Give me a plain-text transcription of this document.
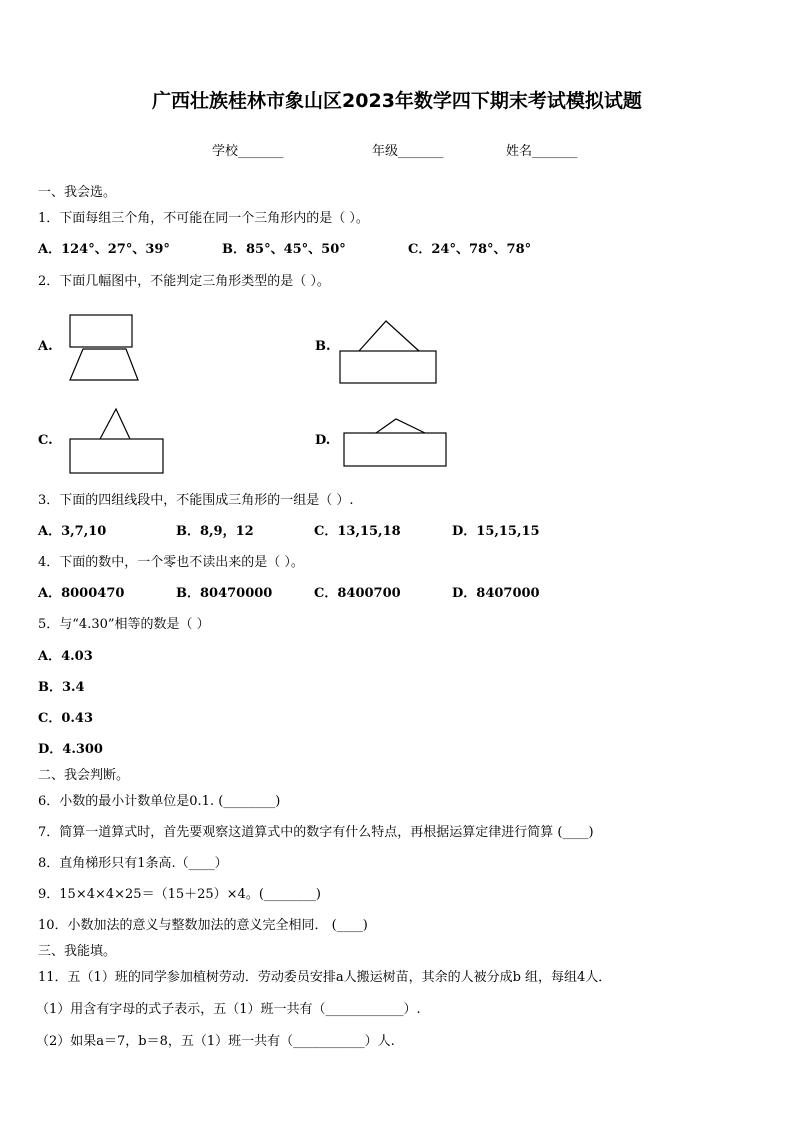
广西壮族桂林市象山区2023年数学四下期末考试模拟试题
学校_______	年级_______	姓名_______
一、我会选。
1．下面每组三个角，不可能在同一个三角形内的是（ ）。
A．124°、27°、39°	B．85°、45°、50°	C．24°、78°、78°
2．下面几幅图中，不能判定三角形类型的是（ ）。
A.	B.
C.	D.
3．下面的四组线段中，不能围成三角形的一组是（ ）.
A．3,7,10	B．8,9，12	C．13,15,18	D．15,15,15
4．下面的数中，一个零也不读出来的是（ ）。
A．8000470	B．80470000	C．8400700	D．8407000
5．与“4.30”相等的数是（ ）
A．4.03
B．3.4
C．0.43
D．4.300
二、我会判断。
6．小数的最小计数单位是0.1. (________)
7．简算一道算式时，首先要观察这道算式中的数字有什么特点，再根据运算定律进行简算 (____)
8．直角梯形只有1条高.（____）
9．15×4×4×25＝（15＋25）×4。(________)
10．小数加法的意义与整数加法的意义完全相同． (____)
三、我能填。
11．五（1）班的同学参加植树劳动．劳动委员安排a人搬运树苗，其余的人被分成b 组，每组4人．
（1）用含有字母的式子表示，五（1）班一共有（____________）.
（2）如果a＝7，b＝8，五（1）班一共有（___________）人.
